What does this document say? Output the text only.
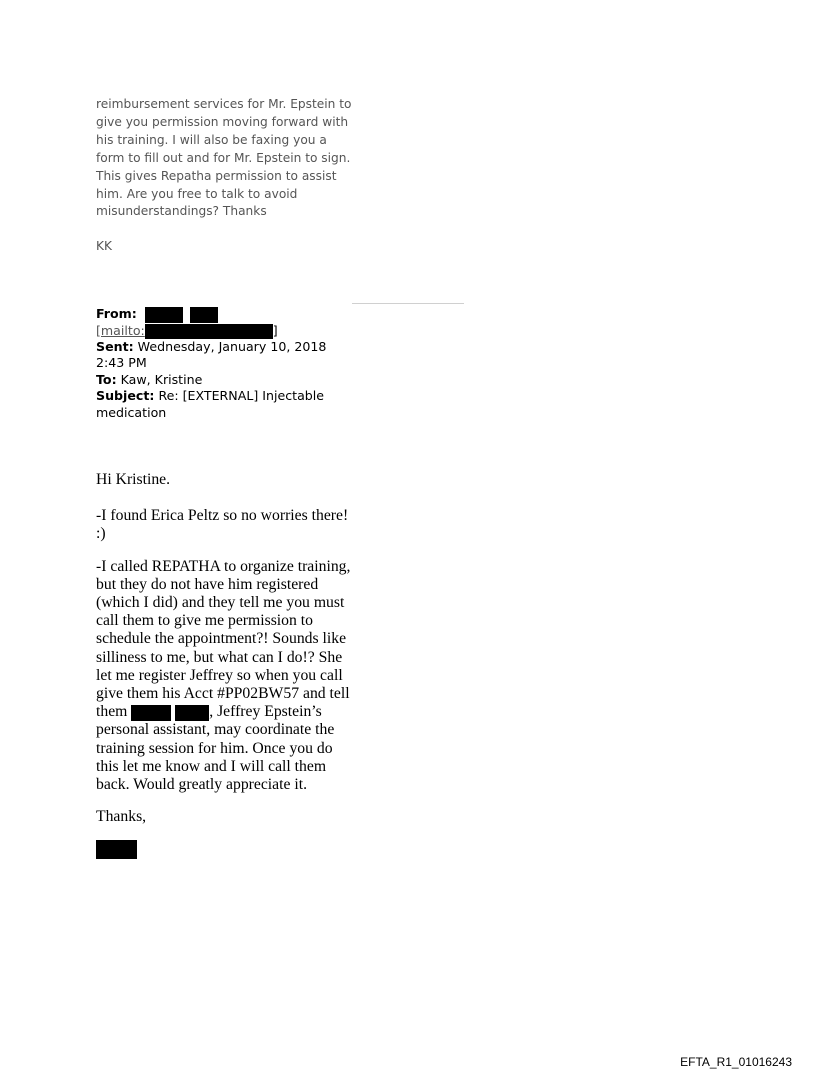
reimbursement services for Mr. Epstein to

give you permission moving forward with

his training. I will also be faxing you a

form to fill out and for Mr. Epstein to sign.

This gives Repatha permission to assist

him. Are you free to talk to avoid

misunderstandings? Thanks

KK

From:
[mailto:	]
Sent: Wednesday, January 10, 2018 2:43 PM
To: Kaw, Kristine
Subject: Re: [EXTERNAL] Injectable medication

Hi Kristine.

-I found Erica Peltz so no worries there! :)

-I called REPATHA to organize training, but they do not have him registered (which I did) and they tell me you must call them to give me permission to schedule the appointment?! Sounds like silliness to me, but what can I do!? She let me register Jeffrey so when you call give them his Acct #PP02BW57 and tell them	, Jeffrey Epstein’s personal assistant, may coordinate the training session for him. Once you do this let me know and I will call them back. Would greatly appreciate it.

Thanks,

EFTA_R1_01016243
